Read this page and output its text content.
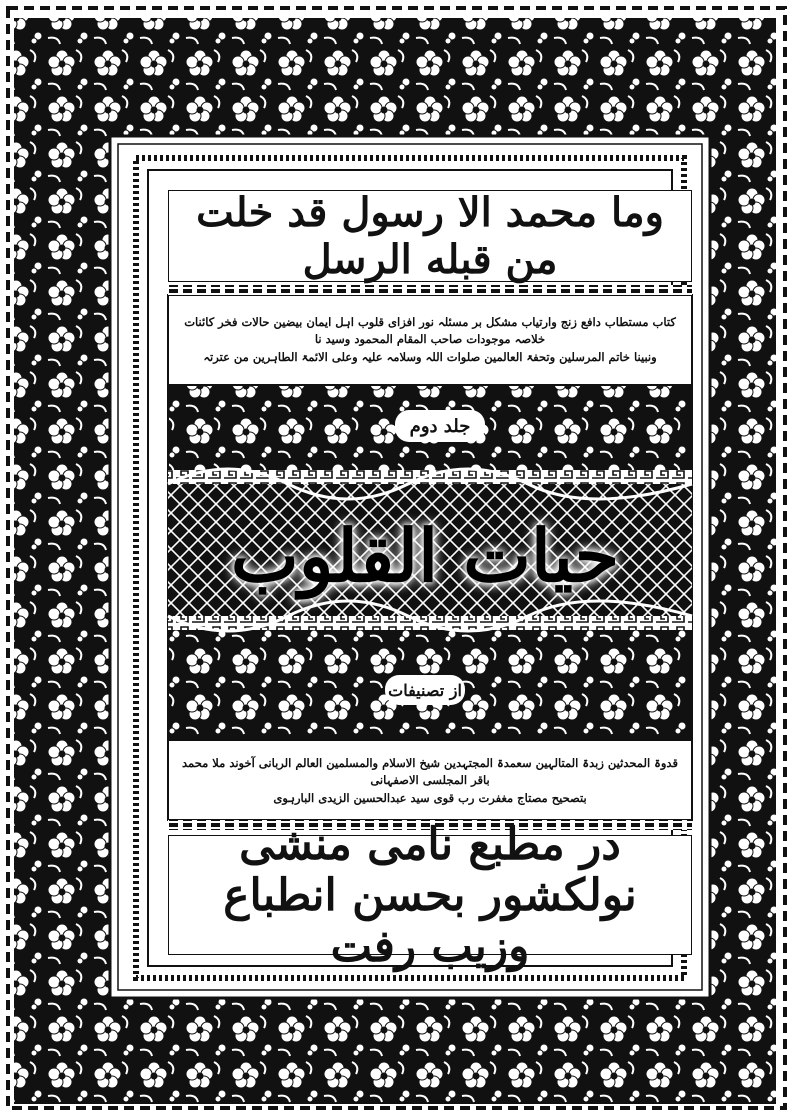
وما محمد الا رسول قد خلت من قبله الرسل
کتاب مستطاب دافع زنج وارتیاب مشکل بر مسئلہ نور افزای قلوب اہل ایمان بیضین حالات فخر کائنات خلاصہ موجودات صاحب المقام المحمود وسید نا
ونبینا خاتم المرسلین وتحفۃ العالمین صلوات اللہ وسلامہ علیہ وعلی الائمۃ الطاہرین من عترتہ
جلد دوم
حیات القلوب
از تصنیفات
قدوۃ المحدثین زبدۃ المتالہین سعمدۃ المجتہدین شیخ الاسلام والمسلمین العالم الربانی آخوند ملا محمد باقر المجلسی الاصفہانی
بتصحیح مصتاج مغفرت رب قوی سید عبدالحسین الزیدی البارہوی
در مطبع نامی منشی نولکشور بحسن انطباع وزیب رفت
